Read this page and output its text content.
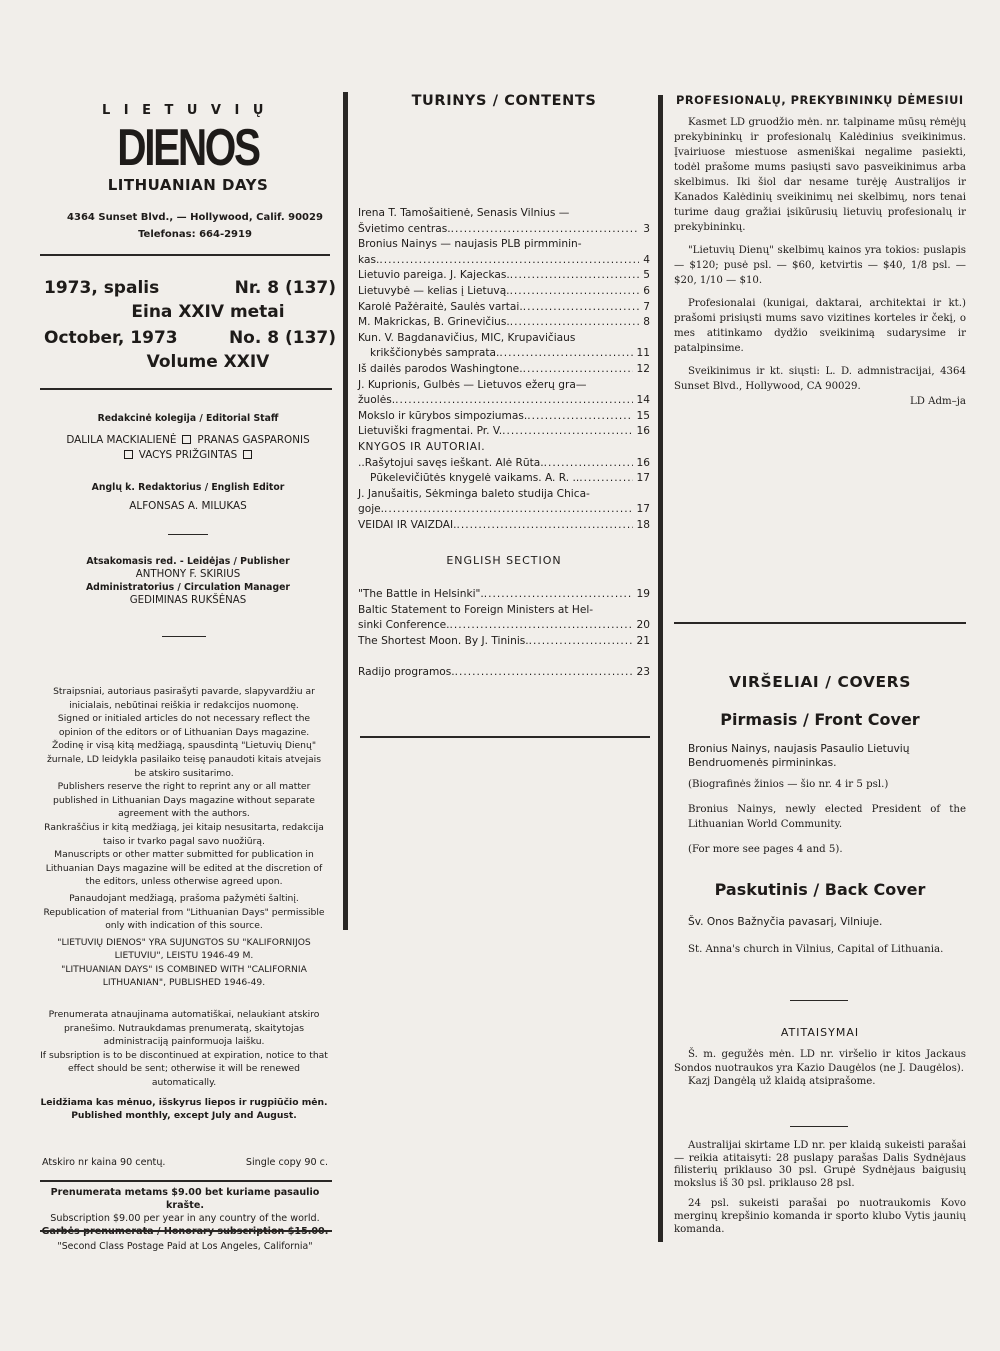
LIETUVIŲ
DIENOS
LITHUANIAN DAYS
4364 Sunset Blvd., — Hollywood, Calif. 90029
Telefonas: 664-2919
1973, spalis	Nr. 8 (137)
Eina XXIV metai
October, 1973	No. 8 (137)
Volume XXIV
Redakcinė kolegija / Editorial Staff
DALILA MACKIALIENĖ PRANAS GASPARONIS
VACYS PRIŽGINTAS
Anglų k. Redaktorius / English Editor
ALFONSAS A. MILUKAS
Atsakomasis red. - Leidėjas / Publisher
ANTHONY F. SKIRIUS
Administratorius / Circulation Manager
GEDIMINAS RUKŠĖNAS
Straipsniai, autoriaus pasirašyti pavarde, slapyvardžiu ar inicialais, nebūtinai reiškia ir redakcijos nuomonę.
Signed or initialed articles do not necessary reflect the opinion of the editors or of Lithuanian Days magazine.
Žodinę ir visą kitą medžiagą, spausdintą "Lietuvių Dienų" žurnale, LD leidykla pasilaiko teisę panaudoti kitais atvejais be atskiro susitarimo.
Publishers reserve the right to reprint any or all matter published in Lithuanian Days magazine without separate agreement with the authors.
Rankraščius ir kitą medžiagą, jei kitaip nesusitarta, redakcija taiso ir tvarko pagal savo nuožiūrą.
Manuscripts or other matter submitted for publication in Lithuanian Days magazine will be edited at the discretion of the editors, unless otherwise agreed upon.
Panaudojant medžiagą, prašoma pažymėti šaltinį.
Republication of material from "Lithuanian Days" permissible only with indication of this source.
"LIETUVIŲ DIENOS" YRA SUJUNGTOS SU "KALIFORNIJOS LIETUVIU", LEISTU 1946-49 M.
"LITHUANIAN DAYS" IS COMBINED WITH "CALIFORNIA LITHUANIAN", PUBLISHED 1946-49.
Prenumerata atnaujinama automatiškai, nelaukiant atskiro pranešimo. Nutraukdamas prenumeratą, skaitytojas administraciją painformuoja laišku.
If subsription is to be discontinued at expiration, notice to that effect should be sent; otherwise it will be renewed automatically.
Leidžiama kas mėnuo, išskyrus liepos ir rugpiūčio mėn.
Published monthly, except July and August.
Atskiro nr kaina 90 centų.	Single copy 90 c.
Prenumerata metams $9.00 bet kuriame pasaulio krašte.
Subscription $9.00 per year in any country of the world.
"Second Class Postage Paid at Los Angeles, California"
TURINYS / CONTENTS
Irena T. Tamošaitienė, Senasis Vilnius —
Švietimo centras. .....	3
Bronius Nainys — naujasis PLB pirmminin-
kas. .....	4
Lietuvio pareiga. J. Kajeckas. .....	5
Lietuvybė — kelias į Lietuvą. .....	6
Karolė Pažėraitė, Saulės vartai. .....	7
M. Makrickas, B. Grinevičius. .....	8
Kun. V. Bagdanavičius, MIC, Krupavičiaus
krikščionybės samprata. .....	11
Iš dailės parodos Washingtone. .....	12
J. Kuprionis, Gulbės — Lietuvos ežerų gra—
žuolės. .....	14
Mokslo ir kūrybos simpoziumas. .....	15
Lietuviški fragmentai. Pr. V. .....	16
KNYGOS IR AUTORIAI.
..Rašytojui savęs ieškant. Alė Rūta. .....	16
Pūkelevičiūtės knygelė vaikams. A. R. .. .....	17
J. Janušaitis, Sėkminga baleto studija Chica-
goje. .....	17
VEIDAI IR VAIZDAI. .....	18
ENGLISH SECTION
"The Battle in Helsinki". .....	19
Baltic Statement to Foreign Ministers at Hel-
sinki Conference. .....	20
The Shortest Moon. By J. Tininis. .....	21
Radijo programos. .....	23
PROFESIONALŲ, PREKYBININKŲ DĖMESIUI

Kasmet LD gruodžio mėn. nr. talpiname mūsų rėmėjų prekybininkų ir profesionalų Kalėdinius sveikinimus. Įvairiuose miestuose asmeniškai negalime pasiekti, todėl prašome mums pasiųsti savo pasveikinimus arba skelbimus. Iki šiol dar nesame turėję Australijos ir Kanados Kalėdinių sveikinimų nei skelbimų, nors tenai turime daug gražiai įsikūrusių lietuvių profesionalų ir prekybininkų.

"Lietuvių Dienų" skelbimų kainos yra tokios: puslapis — $120; pusė psl. — $60, ketvirtis — $40, 1/8 psl. — $20, 1/10 — $10.

Profesionalai (kunigai, daktarai, architektai ir kt.) prašomi prisiųsti mums savo vizitines korteles ir čekį, o mes atitinkamo dydžio sveikinimą sudarysime ir patalpinsime.

Sveikinimus ir kt. siųsti: L. D. admnistracijai, 4364 Sunset Blvd., Hollywood, CA 90029.

LD Adm–ja
VIRŠELIAI / COVERS
Pirmasis / Front Cover
Bronius Nainys, naujasis Pasaulio Lietuvių Bendruomenės pirmininkas.

(Biografinės žinios — šio nr. 4 ir 5 psl.)

Bronius Nainys, newly elected President of the Lithuanian World Community.

(For more see pages 4 and 5).

Paskutinis / Back Cover
Šv. Onos Bažnyčia pavasarį, Vilniuje.

St. Anna's church in Vilnius, Capital of Lithuania.

ATITAISYMAI

Š. m. gegužės mėn. LD nr. viršelio ir kitos Jackaus Sondos nuotraukos yra Kazio Daugėlos (ne J. Daugėlos).

Kazj Dangėlą už klaidą atsiprašome.

Australijai skirtame LD nr. per klaidą sukeisti parašai — reikia atitaisyti: 28 puslapy parašas Dalis Sydnėjaus filisterių priklauso 30 psl. Grupė Sydnėjaus baigusių mokslus iš 30 psl. priklauso 28 psl.

24 psl. sukeisti parašai po nuotraukomis Kovo merginų krepšinio komanda ir sporto klubo Vytis jaunių komanda.
